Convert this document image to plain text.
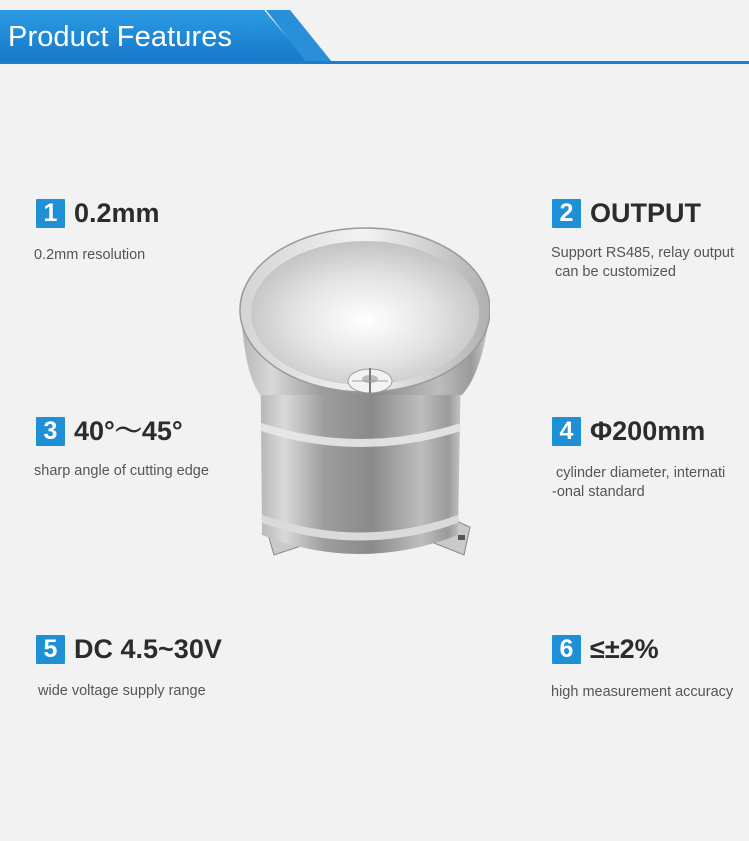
Product Features
1 0.2mm
0.2mm resolution
2 OUTPUT
Support RS485, relay output
can be customized
3 40°～45°
sharp angle of cutting edge
4 Φ200mm
cylinder diameter, internati
-onal standard
5 DC 4.5~30V
wide voltage supply range
6 ≤±2%
high measurement accuracy
